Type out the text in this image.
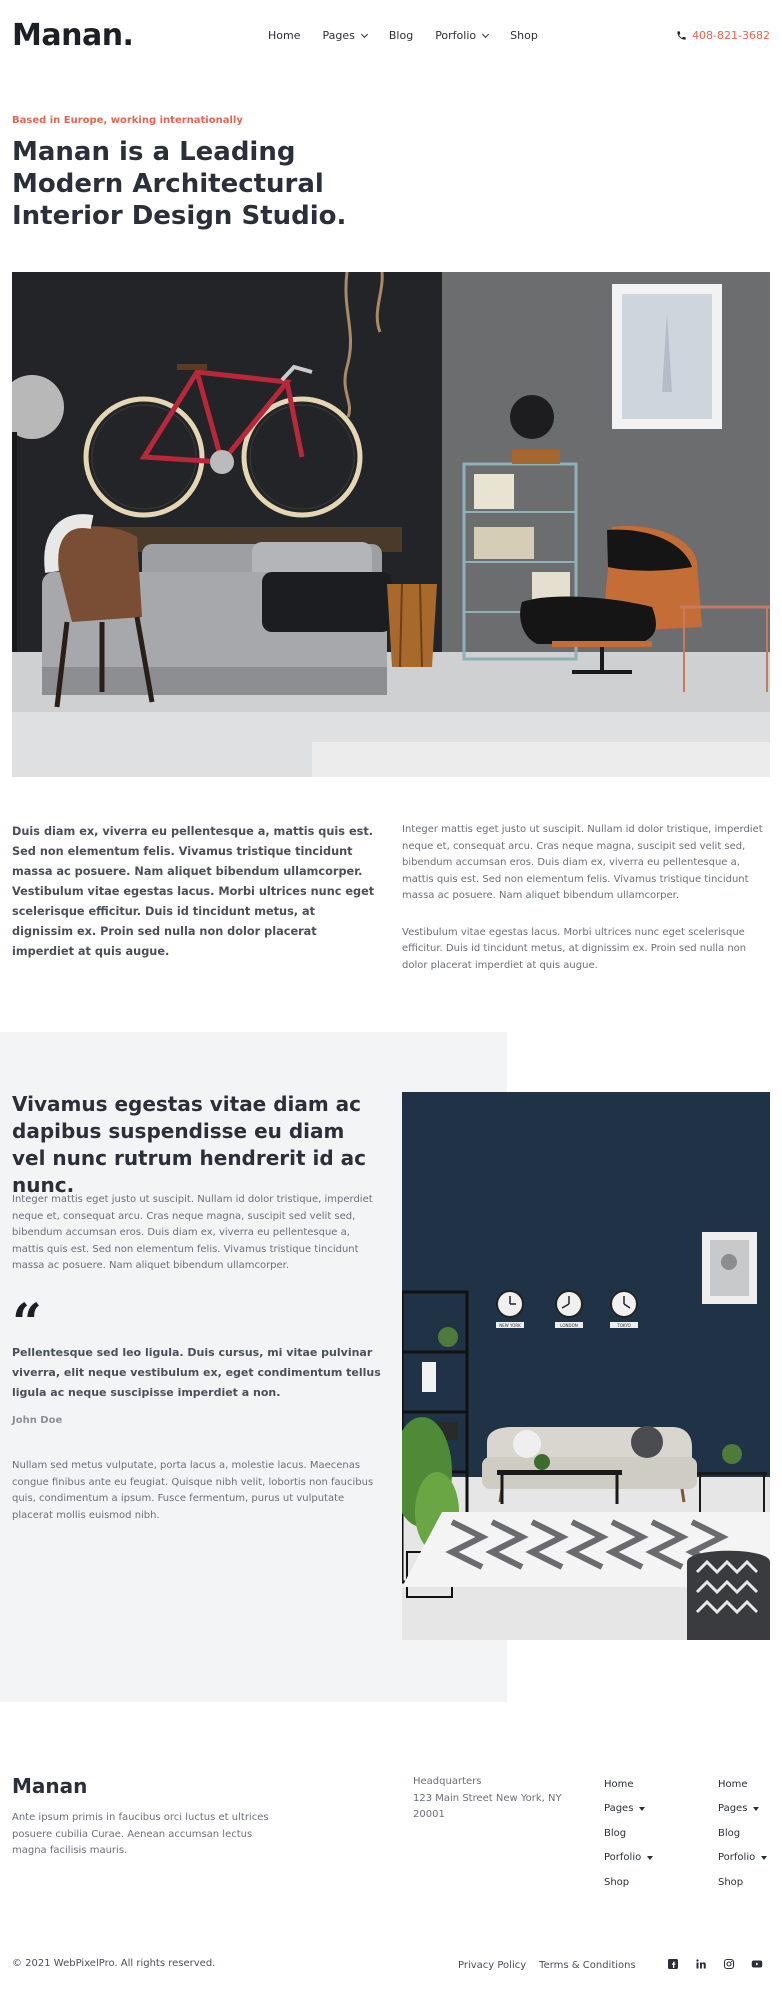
Manan.	Home Pages	Blog Porfolio	Shop	408-821-3682
Based in Europe, working internationally
Manan is a Leading Modern Architectural Interior Design Studio.

Duis diam ex, viverra eu pellentesque a, mattis quis est. Sed non elementum felis. Vivamus tristique tincidunt massa ac posuere. Nam aliquet bibendum ullamcorper. Vestibulum vitae egestas lacus. Morbi ultrices nunc eget scelerisque efficitur. Duis id tincidunt metus, at dignissim ex. Proin sed nulla non dolor placerat imperdiet at quis augue.

Integer mattis eget justo ut suscipit. Nullam id dolor tristique, imperdiet neque et, consequat arcu. Cras neque magna, suscipit sed velit sed, bibendum accumsan eros. Duis diam ex, viverra eu pellentesque a, mattis quis est. Sed non elementum felis. Vivamus tristique tincidunt massa ac posuere. Nam aliquet bibendum ullamcorper.

Vestibulum vitae egestas lacus. Morbi ultrices nunc eget scelerisque efficitur. Duis id tincidunt metus, at dignissim ex. Proin sed nulla non dolor placerat imperdiet at quis augue.

Vivamus egestas vitae diam ac dapibus suspendisse eu diam vel nunc rutrum hendrerit id ac nunc.

Integer mattis eget justo ut suscipit. Nullam id dolor tristique, imperdiet neque et, consequat arcu. Cras neque magna, suscipit sed velit sed, bibendum accumsan eros. Duis diam ex, viverra eu pellentesque a, mattis quis est. Sed non elementum felis. Vivamus tristique tincidunt massa ac posuere. Nam aliquet bibendum ullamcorper.

“

Pellentesque sed leo ligula. Duis cursus, mi vitae pulvinar viverra, elit neque vestibulum ex, eget condimentum tellus ligula ac neque suscipisse imperdiet a non.

John Doe

Nullam sed metus vulputate, porta lacus a, molestie lacus. Maecenas congue finibus ante eu feugiat. Quisque nibh velit, lobortis non faucibus quis, condimentum a ipsum. Fusce fermentum, purus ut vulputate placerat mollis euismod nibh.

NEW YORK	LONDON	TOKYO
Manan

Ante ipsum primis in faucibus orci luctus et ultrices posuere cubilia Curae. Aenean accumsan lectus magna facilisis mauris.

Headquarters
123 Main Street New York, NY 20001
Home
Pages
Blog
Porfolio
Shop
Home
Pages
Blog
Porfolio
Shop
© 2021 WebPixelPro. All rights reserved.	Privacy Policy Terms & Conditions
